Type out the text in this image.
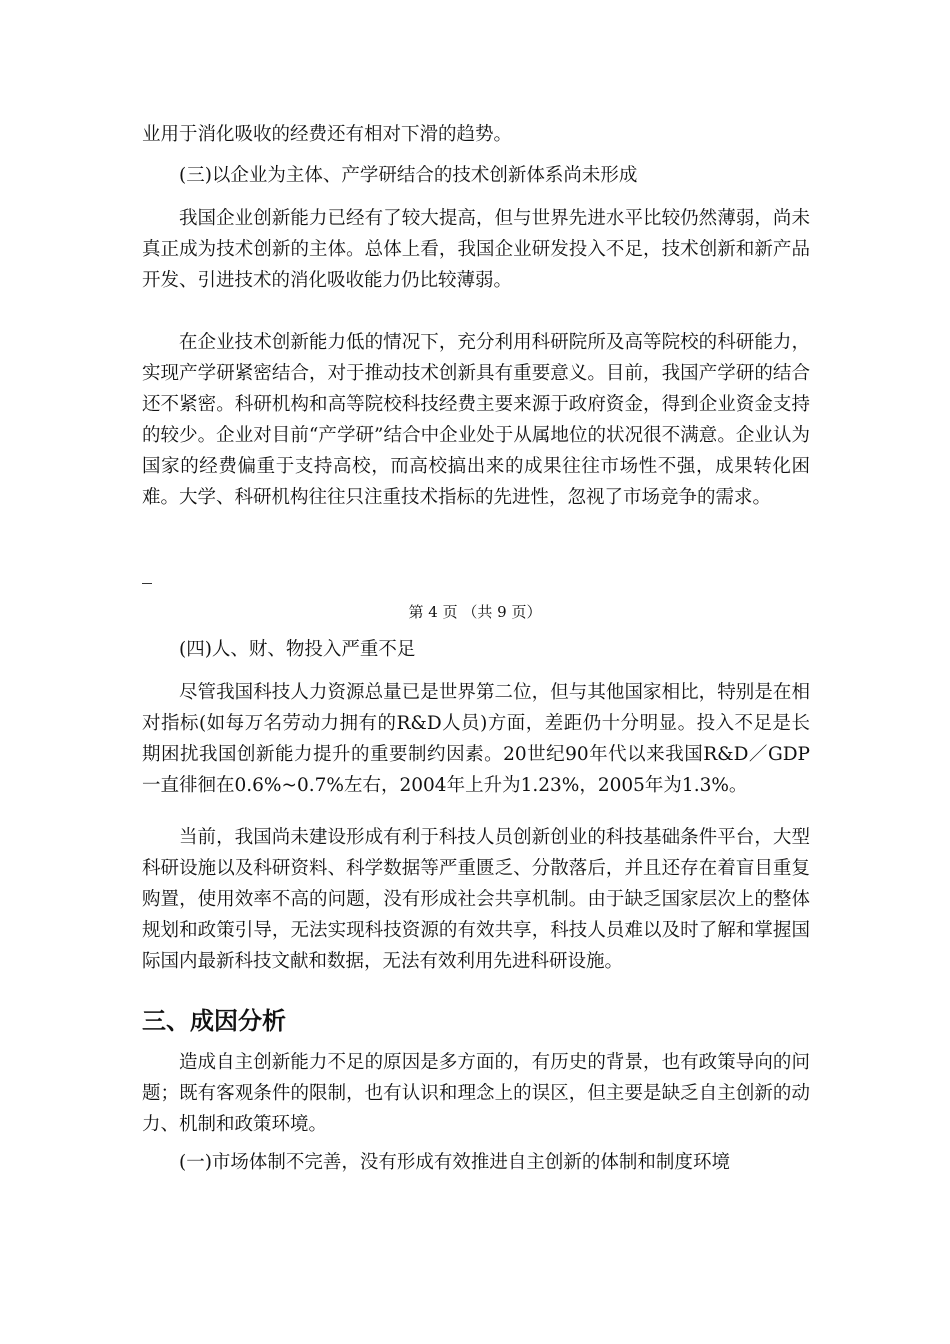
业用于消化吸收的经费还有相对下滑的趋势。

(三)以企业为主体、产学研结合的技术创新体系尚未形成

我国企业创新能力已经有了较大提高，但与世界先进水平比较仍然薄弱，尚未真正成为技术创新的主体。总体上看，我国企业研发投入不足，技术创新和新产品开发、引进技术的消化吸收能力仍比较薄弱。

在企业技术创新能力低的情况下，充分利用科研院所及高等院校的科研能力，实现产学研紧密结合，对于推动技术创新具有重要意义。目前，我国产学研的结合还不紧密。科研机构和高等院校科技经费主要来源于政府资金，得到企业资金支持的较少。企业对目前“产学研”结合中企业处于从属地位的状况很不满意。企业认为国家的经费偏重于支持高校，而高校搞出来的成果往往市场性不强，成果转化困难。大学、科研机构往往只注重技术指标的先进性，忽视了市场竞争的需求。

第 4 页 （共 9 页）

(四)人、财、物投入严重不足

尽管我国科技人力资源总量已是世界第二位，但与其他国家相比，特别是在相对指标(如每万名劳动力拥有的R&D人员)方面，差距仍十分明显。投入不足是长期困扰我国创新能力提升的重要制约因素。20世纪90年代以来我国R&D／GDP一直徘徊在0.6%~0.7%左右，2004年上升为1.23%，2005年为1.3%。

当前，我国尚未建设形成有利于科技人员创新创业的科技基础条件平台，大型科研设施以及科研资料、科学数据等严重匮乏、分散落后，并且还存在着盲目重复购置，使用效率不高的问题，没有形成社会共享机制。由于缺乏国家层次上的整体规划和政策引导，无法实现科技资源的有效共享，科技人员难以及时了解和掌握国际国内最新科技文献和数据，无法有效利用先进科研设施。

三、成因分析

造成自主创新能力不足的原因是多方面的，有历史的背景，也有政策导向的问题；既有客观条件的限制，也有认识和理念上的误区，但主要是缺乏自主创新的动力、机制和政策环境。

(一)市场体制不完善，没有形成有效推进自主创新的体制和制度环境
